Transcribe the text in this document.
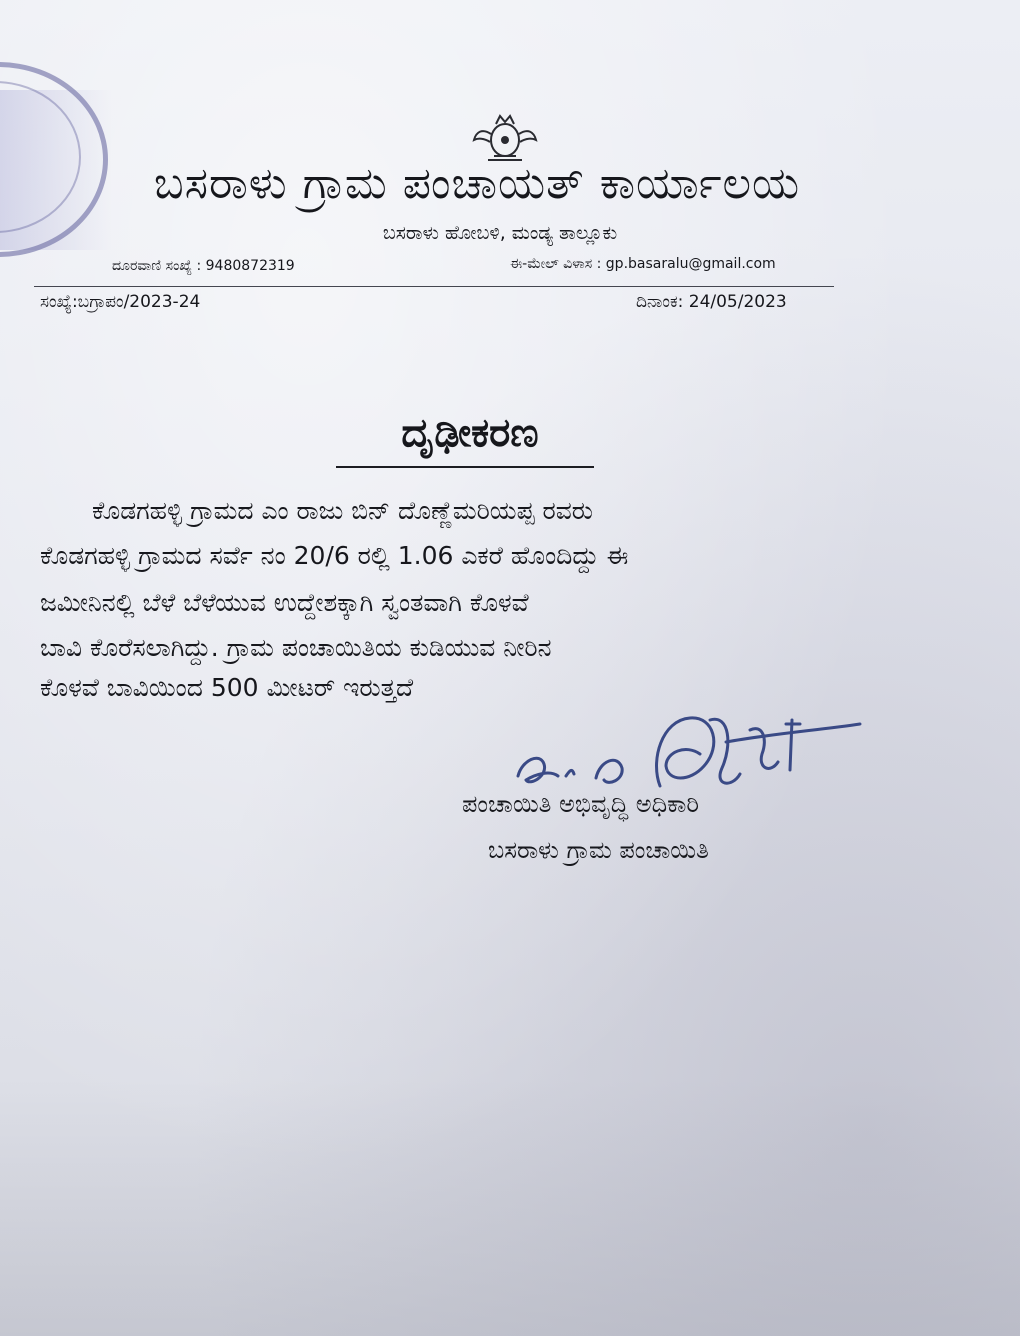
ಬಸರಾಳು ಗ್ರಾಮ ಪಂಚಾಯತ್ ಕಾರ್ಯಾಲಯ
ಬಸರಾಳು ಹೋಬಳಿ, ಮಂಡ್ಯ ತಾಲ್ಲೂಕು
ದೂರವಾಣಿ ಸಂಖ್ಯೆ : 9480872319	ಈ-ಮೇಲ್ ವಿಳಾಸ : gp.basaralu@gmail.com
ಸಂಖ್ಯೆ:ಬಗ್ರಾಪಂ/2023-24	ದಿನಾಂಕ: 24/05/2023
ದೃಢೀಕರಣ
ಕೊಡಗಹಳ್ಳಿ ಗ್ರಾಮದ ಎಂ ರಾಜು ಬಿನ್ ದೊಣ್ಣೆಮರಿಯಪ್ಪ ರವರು
ಕೊಡಗಹಳ್ಳಿ ಗ್ರಾಮದ ಸರ್ವೆ ನಂ 20/6 ರಲ್ಲಿ 1.06 ಎಕರೆ ಹೊಂದಿದ್ದು ಈ
ಜಮೀನಿನಲ್ಲಿ ಬೆಳೆ ಬೆಳೆಯುವ ಉದ್ದೇಶಕ್ಕಾಗಿ ಸ್ವಂತವಾಗಿ ಕೊಳವೆ
ಬಾವಿ ಕೊರೆಸಲಾಗಿದ್ದು. ಗ್ರಾಮ ಪಂಚಾಯಿತಿಯ ಕುಡಿಯುವ ನೀರಿನ
ಕೊಳವೆ ಬಾವಿಯಿಂದ 500 ಮೀಟರ್ ಇರುತ್ತದೆ
ಪಂಚಾಯಿತಿ ಅಭಿವೃದ್ಧಿ ಅಧಿಕಾರಿ
ಬಸರಾಳು ಗ್ರಾಮ ಪಂಚಾಯಿತಿ
